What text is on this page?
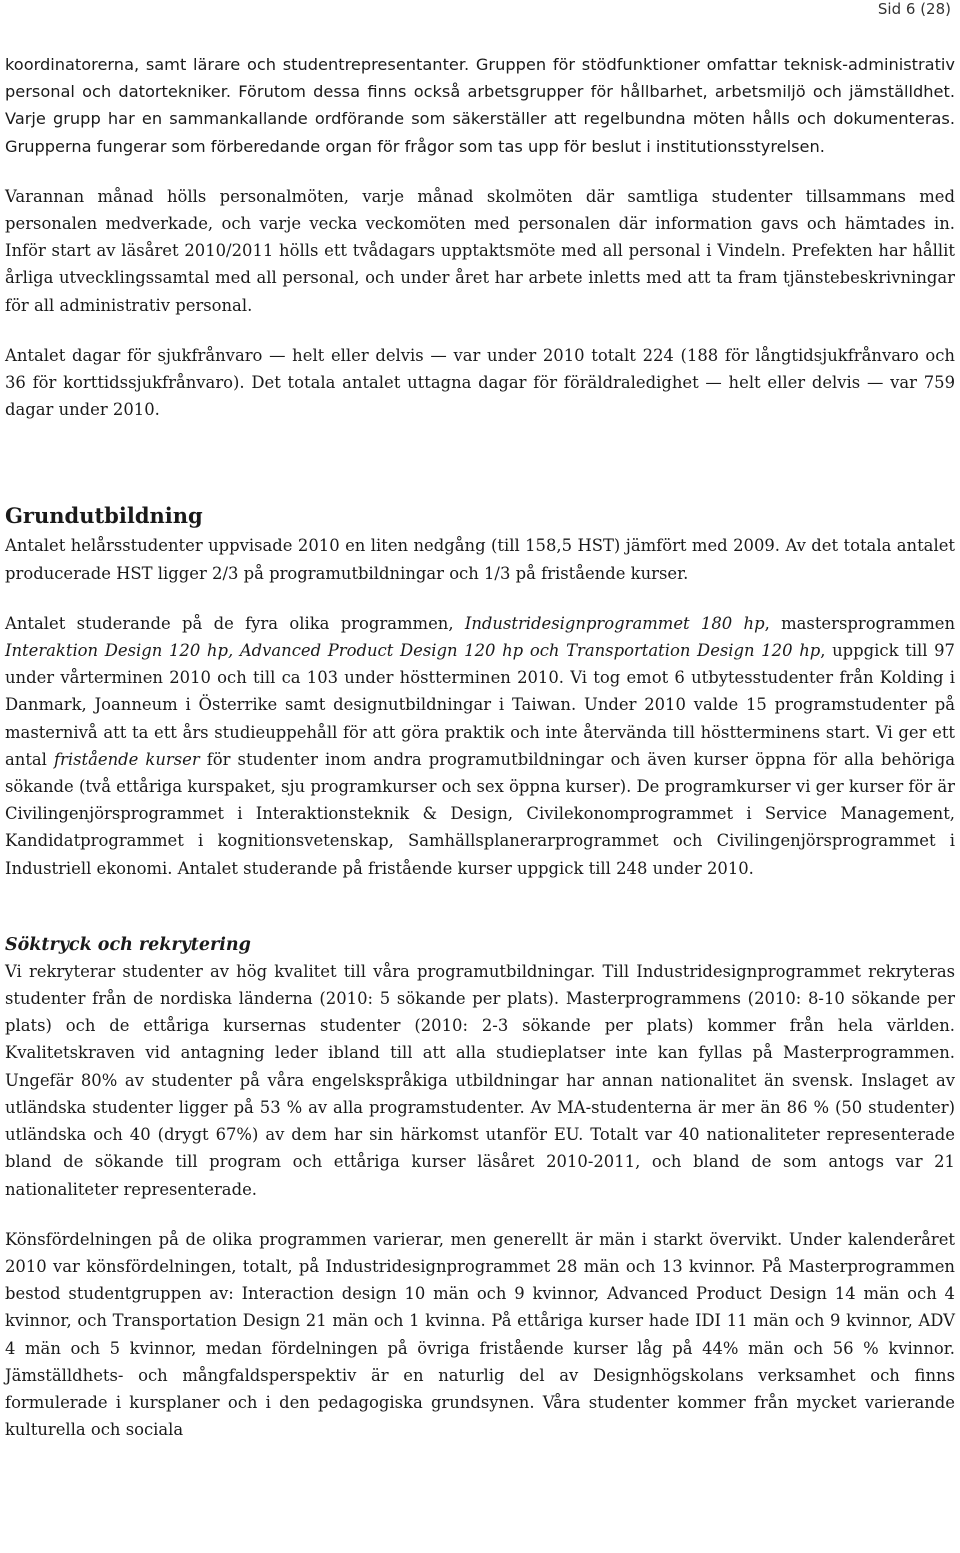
Sid 6 (28)

koordinatorerna, samt lärare och studentrepresentanter. Gruppen för stödfunktioner omfattar teknisk-administrativ personal och datortekniker. Förutom dessa finns också arbetsgrupper för hållbarhet, arbetsmiljö och jämställdhet. Varje grupp har en sammankallande ordförande som säkerställer att regelbundna möten hålls och dokumenteras. Grupperna fungerar som förberedande organ för frågor som tas upp för beslut i institutionsstyrelsen.

Varannan månad hölls personalmöten, varje månad skolmöten där samtliga studenter tillsammans med personalen medverkade, och varje vecka veckomöten med personalen där information gavs och hämtades in. Inför start av läsåret 2010/2011 hölls ett tvådagars upptaktsmöte med all personal i Vindeln. Prefekten har hållit årliga utvecklingssamtal med all personal, och under året har arbete inletts med att ta fram tjänstebeskrivningar för all administrativ personal.

Antalet dagar för sjukfrånvaro — helt eller delvis — var under 2010 totalt 224 (188 för långtidsjukfrånvaro och 36 för korttidssjukfrånvaro). Det totala antalet uttagna dagar för föräldraledighet — helt eller delvis — var 759 dagar under 2010.

Grundutbildning

Antalet helårsstudenter uppvisade 2010 en liten nedgång (till 158,5 HST) jämfört med 2009. Av det totala antalet producerade HST ligger 2/3 på programutbildningar och 1/3 på fristående kurser.

Antalet studerande på de fyra olika programmen, Industridesignprogrammet 180 hp, mastersprogrammen Interaktion Design 120 hp, Advanced Product Design 120 hp och Transportation Design 120 hp, uppgick till 97 under vårterminen 2010 och till ca 103 under höstterminen 2010. Vi tog emot 6 utbytesstudenter från Kolding i Danmark, Joanneum i Österrike samt designutbildningar i Taiwan. Under 2010 valde 15 programstudenter på masternivå att ta ett års studieuppehåll för att göra praktik och inte återvända till höstterminens start. Vi ger ett antal fristående kurser för studenter inom andra programutbildningar och även kurser öppna för alla behöriga sökande (två ettåriga kurspaket, sju programkurser och sex öppna kurser). De programkurser vi ger kurser för är Civilingenjörsprogrammet i Interaktionsteknik & Design, Civilekonomprogrammet i Service Management, Kandidatprogrammet i kognitionsvetenskap, Samhällsplanerarprogrammet och Civilingenjörsprogrammet i Industriell ekonomi. Antalet studerande på fristående kurser uppgick till 248 under 2010.

Söktryck och rekrytering

Vi rekryterar studenter av hög kvalitet till våra programutbildningar. Till Industridesignprogrammet rekryteras studenter från de nordiska länderna (2010: 5 sökande per plats). Masterprogrammens (2010: 8-10 sökande per plats) och de ettåriga kursernas studenter (2010: 2-3 sökande per plats) kommer från hela världen. Kvalitetskraven vid antagning leder ibland till att alla studieplatser inte kan fyllas på Masterprogrammen. Ungefär 80% av studenter på våra engelskspråkiga utbildningar har annan nationalitet än svensk. Inslaget av utländska studenter ligger på 53 % av alla programstudenter. Av MA-studenterna är mer än 86 % (50 studenter) utländska och 40 (drygt 67%) av dem har sin härkomst utanför EU. Totalt var 40 nationaliteter representerade bland de sökande till program och ettåriga kurser läsåret 2010-2011, och bland de som antogs var 21 nationaliteter representerade.

Könsfördelningen på de olika programmen varierar, men generellt är män i starkt övervikt. Under kalenderåret 2010 var könsfördelningen, totalt, på Industridesignprogrammet 28 män och 13 kvinnor. På Masterprogrammen bestod studentgruppen av: Interaction design 10 män och 9 kvinnor, Advanced Product Design 14 män och 4 kvinnor, och Transportation Design 21 män och 1 kvinna. På ettåriga kurser hade IDI 11 män och 9 kvinnor, ADV 4 män och 5 kvinnor, medan fördelningen på övriga fristående kurser låg på 44% män och 56 % kvinnor. Jämställdhets- och mångfaldsperspektiv är en naturlig del av Designhögskolans verksamhet och finns formulerade i kursplaner och i den pedagogiska grundsynen. Våra studenter kommer från mycket varierande kulturella och sociala
